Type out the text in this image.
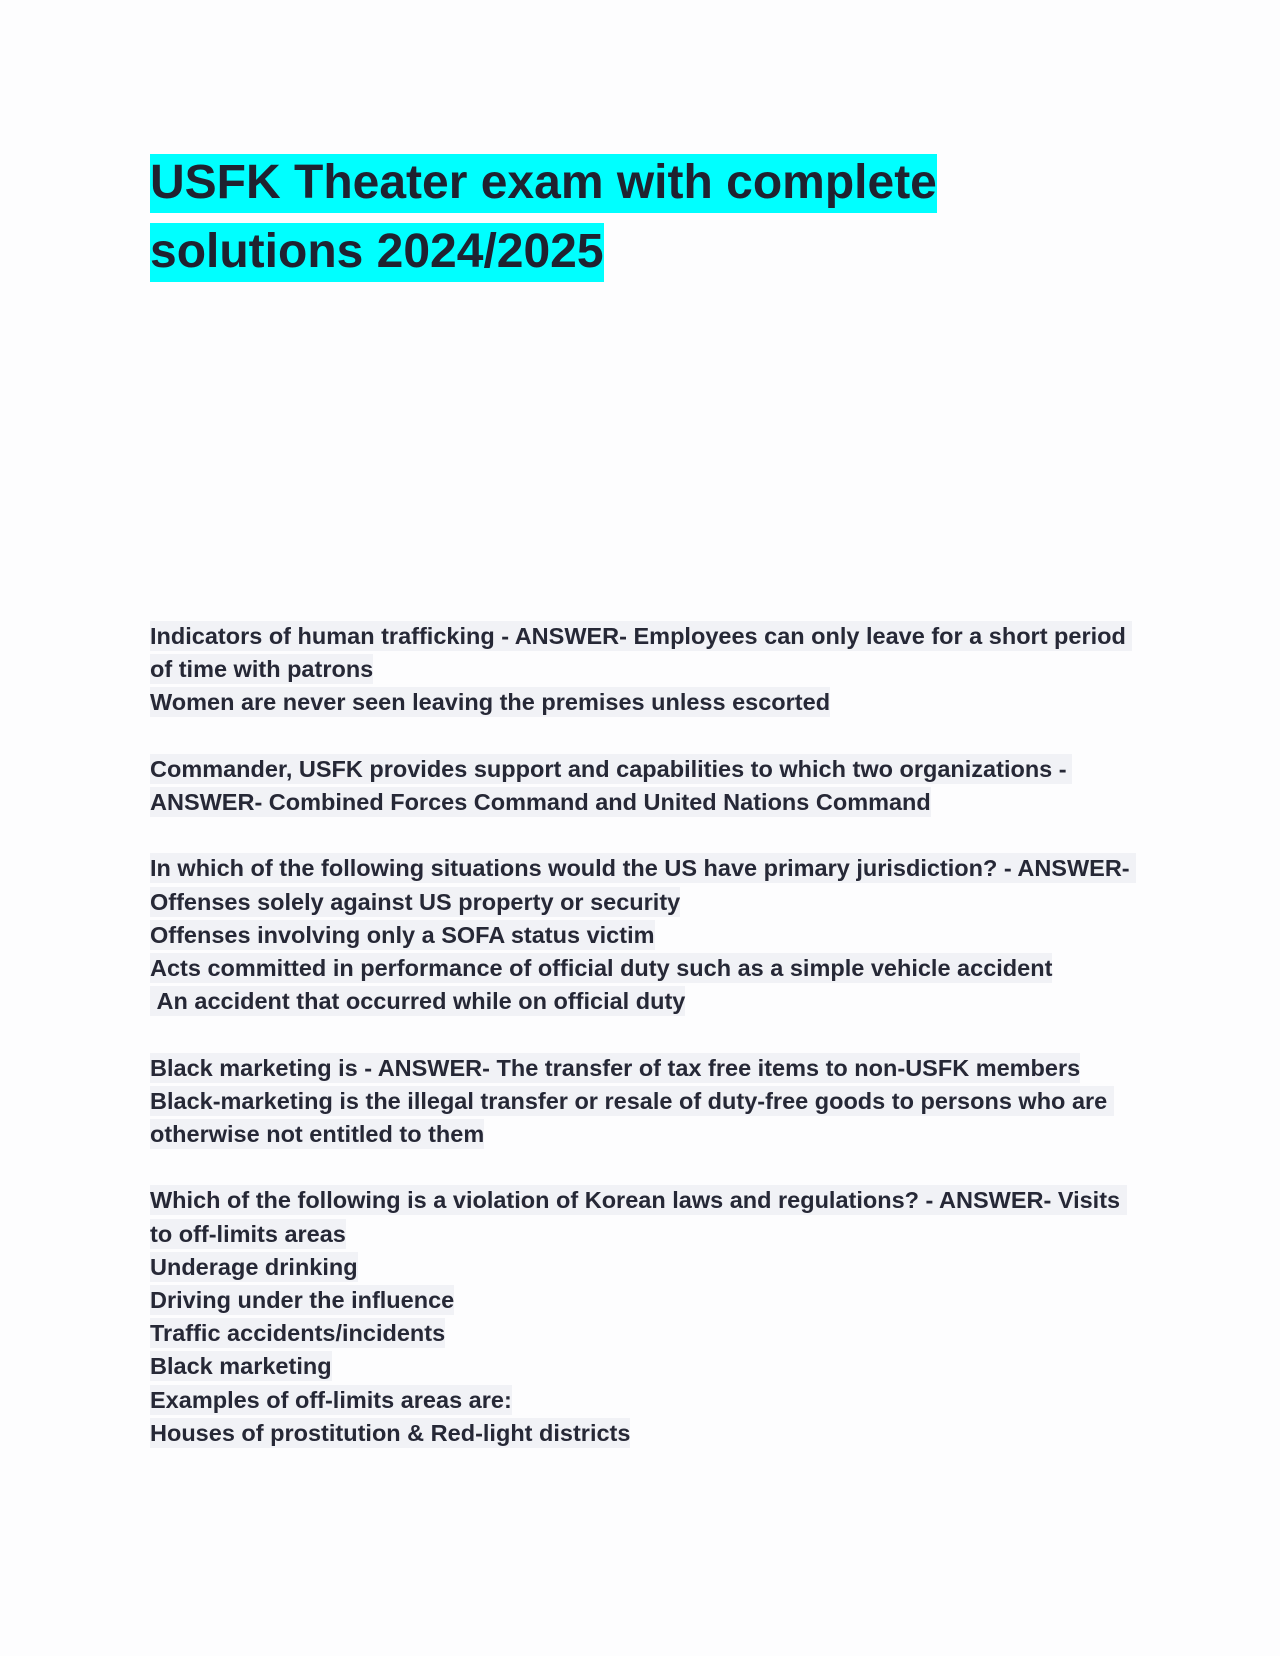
USFK Theater exam with complete
solutions 2024/2025

Indicators of human trafficking - ANSWER- Employees can only leave for a short period of time with patrons

Women are never seen leaving the premises unless escorted

Commander, USFK provides support and capabilities to which two organizations - ANSWER- Combined Forces Command and United Nations Command

In which of the following situations would the US have primary jurisdiction? - ANSWER- Offenses solely against US property or security

Offenses involving only a SOFA status victim

Acts committed in performance of official duty such as a simple vehicle accident

An accident that occurred while on official duty

Black marketing is - ANSWER- The transfer of tax free items to non-USFK members

Black-marketing is the illegal transfer or resale of duty-free goods to persons who are otherwise not entitled to them

Which of the following is a violation of Korean laws and regulations? - ANSWER- Visits to off-limits areas

Underage drinking

Driving under the influence

Traffic accidents/incidents

Black marketing

Examples of off-limits areas are:

Houses of prostitution & Red-light districts
